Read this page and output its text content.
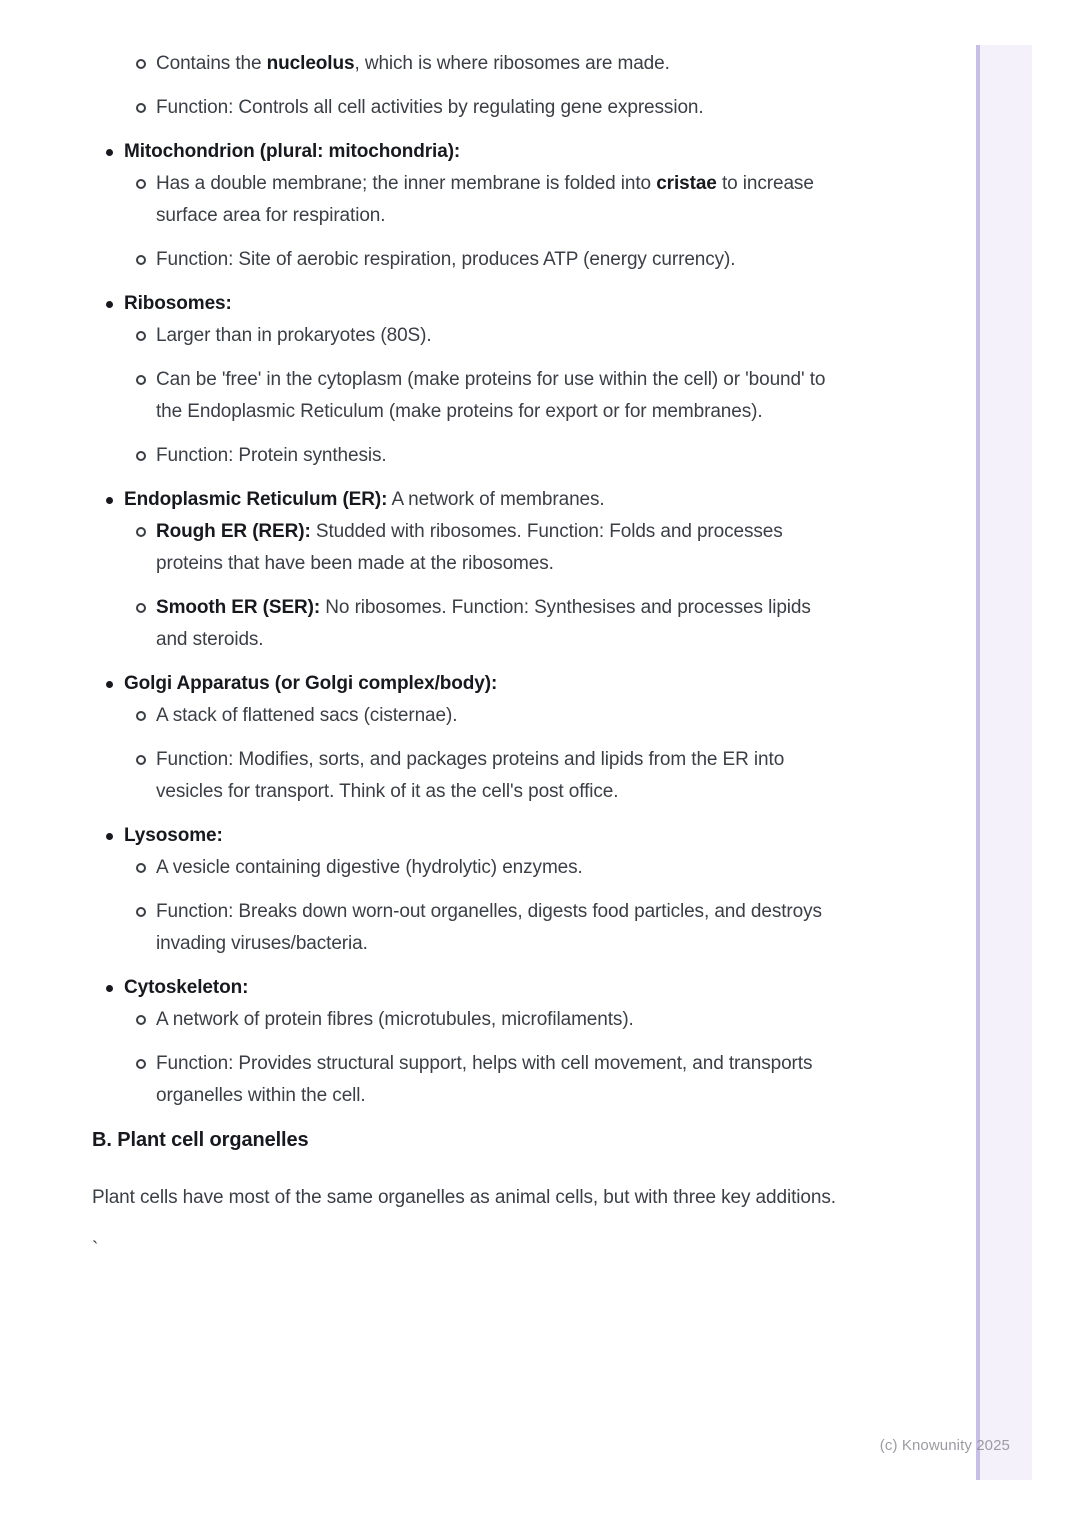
Contains the nucleolus, which is where ribosomes are made.
Function: Controls all cell activities by regulating gene expression.
Mitochondrion (plural: mitochondria):
Has a double membrane; the inner membrane is folded into cristae to increase surface area for respiration.
Function: Site of aerobic respiration, produces ATP (energy currency).
Ribosomes:
Larger than in prokaryotes (80S).
Can be 'free' in the cytoplasm (make proteins for use within the cell) or 'bound' to the Endoplasmic Reticulum (make proteins for export or for membranes).
Function: Protein synthesis.
Endoplasmic Reticulum (ER): A network of membranes.
Rough ER (RER): Studded with ribosomes. Function: Folds and processes proteins that have been made at the ribosomes.
Smooth ER (SER): No ribosomes. Function: Synthesises and processes lipids and steroids.
Golgi Apparatus (or Golgi complex/body):
A stack of flattened sacs (cisternae).
Function: Modifies, sorts, and packages proteins and lipids from the ER into vesicles for transport. Think of it as the cell's post office.
Lysosome:
A vesicle containing digestive (hydrolytic) enzymes.
Function: Breaks down worn-out organelles, digests food particles, and destroys invading viruses/bacteria.
Cytoskeleton:
A network of protein fibres (microtubules, microfilaments).
Function: Provides structural support, helps with cell movement, and transports organelles within the cell.
B. Plant cell organelles

Plant cells have most of the same organelles as animal cells, but with three key additions.

`

(c) Knowunity 2025
